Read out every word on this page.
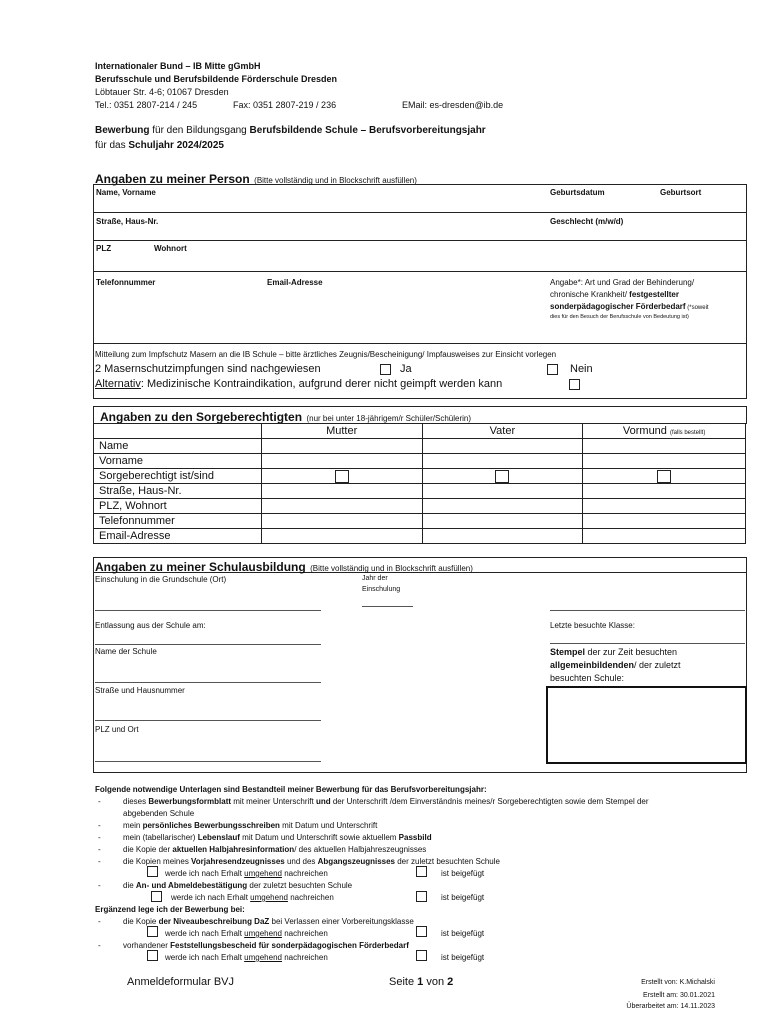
Internationaler Bund – IB Mitte gGmbH
Berufsschule und Berufsbildende Förderschule Dresden
Löbtauer Str. 4-6; 01067 Dresden
Tel.: 0351 2807-214 / 245	Fax: 0351 2807-219 / 236	EMail: es-dresden@ib.de
Bewerbung für den Bildungsgang Berufsbildende Schule – Berufsvorbereitungsjahr
für das Schuljahr 2024/2025
Angaben zu meiner Person (Bitte vollständig und in Blockschrift ausfüllen)
Name, Vorname	Geburtsdatum	Geburtsort
Straße, Haus-Nr.	Geschlecht (m/w/d)
PLZ	Wohnort
Telefonnummer	Email-Adresse	Angabe*: Art und Grad der Behinderung/
chronische Krankheit/ festgestellter
sonderpädagogischer Förderbedarf (*soweit
dies für den Besuch der Berufsschule von Bedeutung ist)
Mitteilung zum Impfschutz Masern an die IB Schule – bitte ärztliches Zeugnis/Bescheinigung/ Impfausweises zur Einsicht vorlegen
2 Masernschutzimpfungen sind nachgewiesen	Ja	Nein
Alternativ: Medizinische Kontraindikation, aufgrund derer nicht geimpft werden kann
Angaben zu den Sorgeberechtigten (nur bei unter 18-jährigem/r Schüler/Schülerin)
	Mutter	Vater	Vormund (falls bestellt)
Name			
Vorname			
Sorgeberechtigt ist/sind			
Straße, Haus-Nr.			
PLZ, Wohnort			
Telefonnummer			
Email-Adresse			
Angaben zu meiner Schulausbildung (Bitte vollständig und in Blockschrift ausfüllen)
Einschulung in die Grundschule (Ort)	Jahr der
Einschulung
Entlassung aus der Schule am:	Letzte besuchte Klasse:
Name der Schule	Stempel der zur Zeit besuchten
allgemeinbildenden/ der zuletzt
besuchten Schule:
Straße und Hausnummer
PLZ und Ort
Folgende notwendige Unterlagen sind Bestandteil meiner Bewerbung für das Berufsvorbereitungsjahr:
-	dieses Bewerbungsformblatt mit meiner Unterschrift und der Unterschrift /dem Einverständnis meines/r Sorgeberechtigten sowie dem Stempel der
abgebenden Schule
-	mein persönliches Bewerbungsschreiben mit Datum und Unterschrift
-	mein (tabellarischer) Lebenslauf mit Datum und Unterschrift sowie aktuellem Passbild
-	die Kopie der aktuellen Halbjahresinformation/ des aktuellen Halbjahreszeugnisses
-	die Kopien meines Vorjahresendzeugnisses und des Abgangszeugnisses der zuletzt besuchten Schule
werde ich nach Erhalt umgehend nachreichen	ist beigefügt
-	die An- und Abmeldebestätigung der zuletzt besuchten Schule
werde ich nach Erhalt umgehend nachreichen	ist beigefügt
Ergänzend lege ich der Bewerbung bei:
-	die Kopie der Niveaubeschreibung DaZ bei Verlassen einer Vorbereitungsklasse
werde ich nach Erhalt umgehend nachreichen	ist beigefügt
-	vorhandener Feststellungsbescheid für sonderpädagogischen Förderbedarf
werde ich nach Erhalt umgehend nachreichen	ist beigefügt
Anmeldeformular BVJ	Seite 1 von 2	Erstellt von: K.Michalski
Erstellt am: 30.01.2021
Überarbeitet am: 14.11.2023
